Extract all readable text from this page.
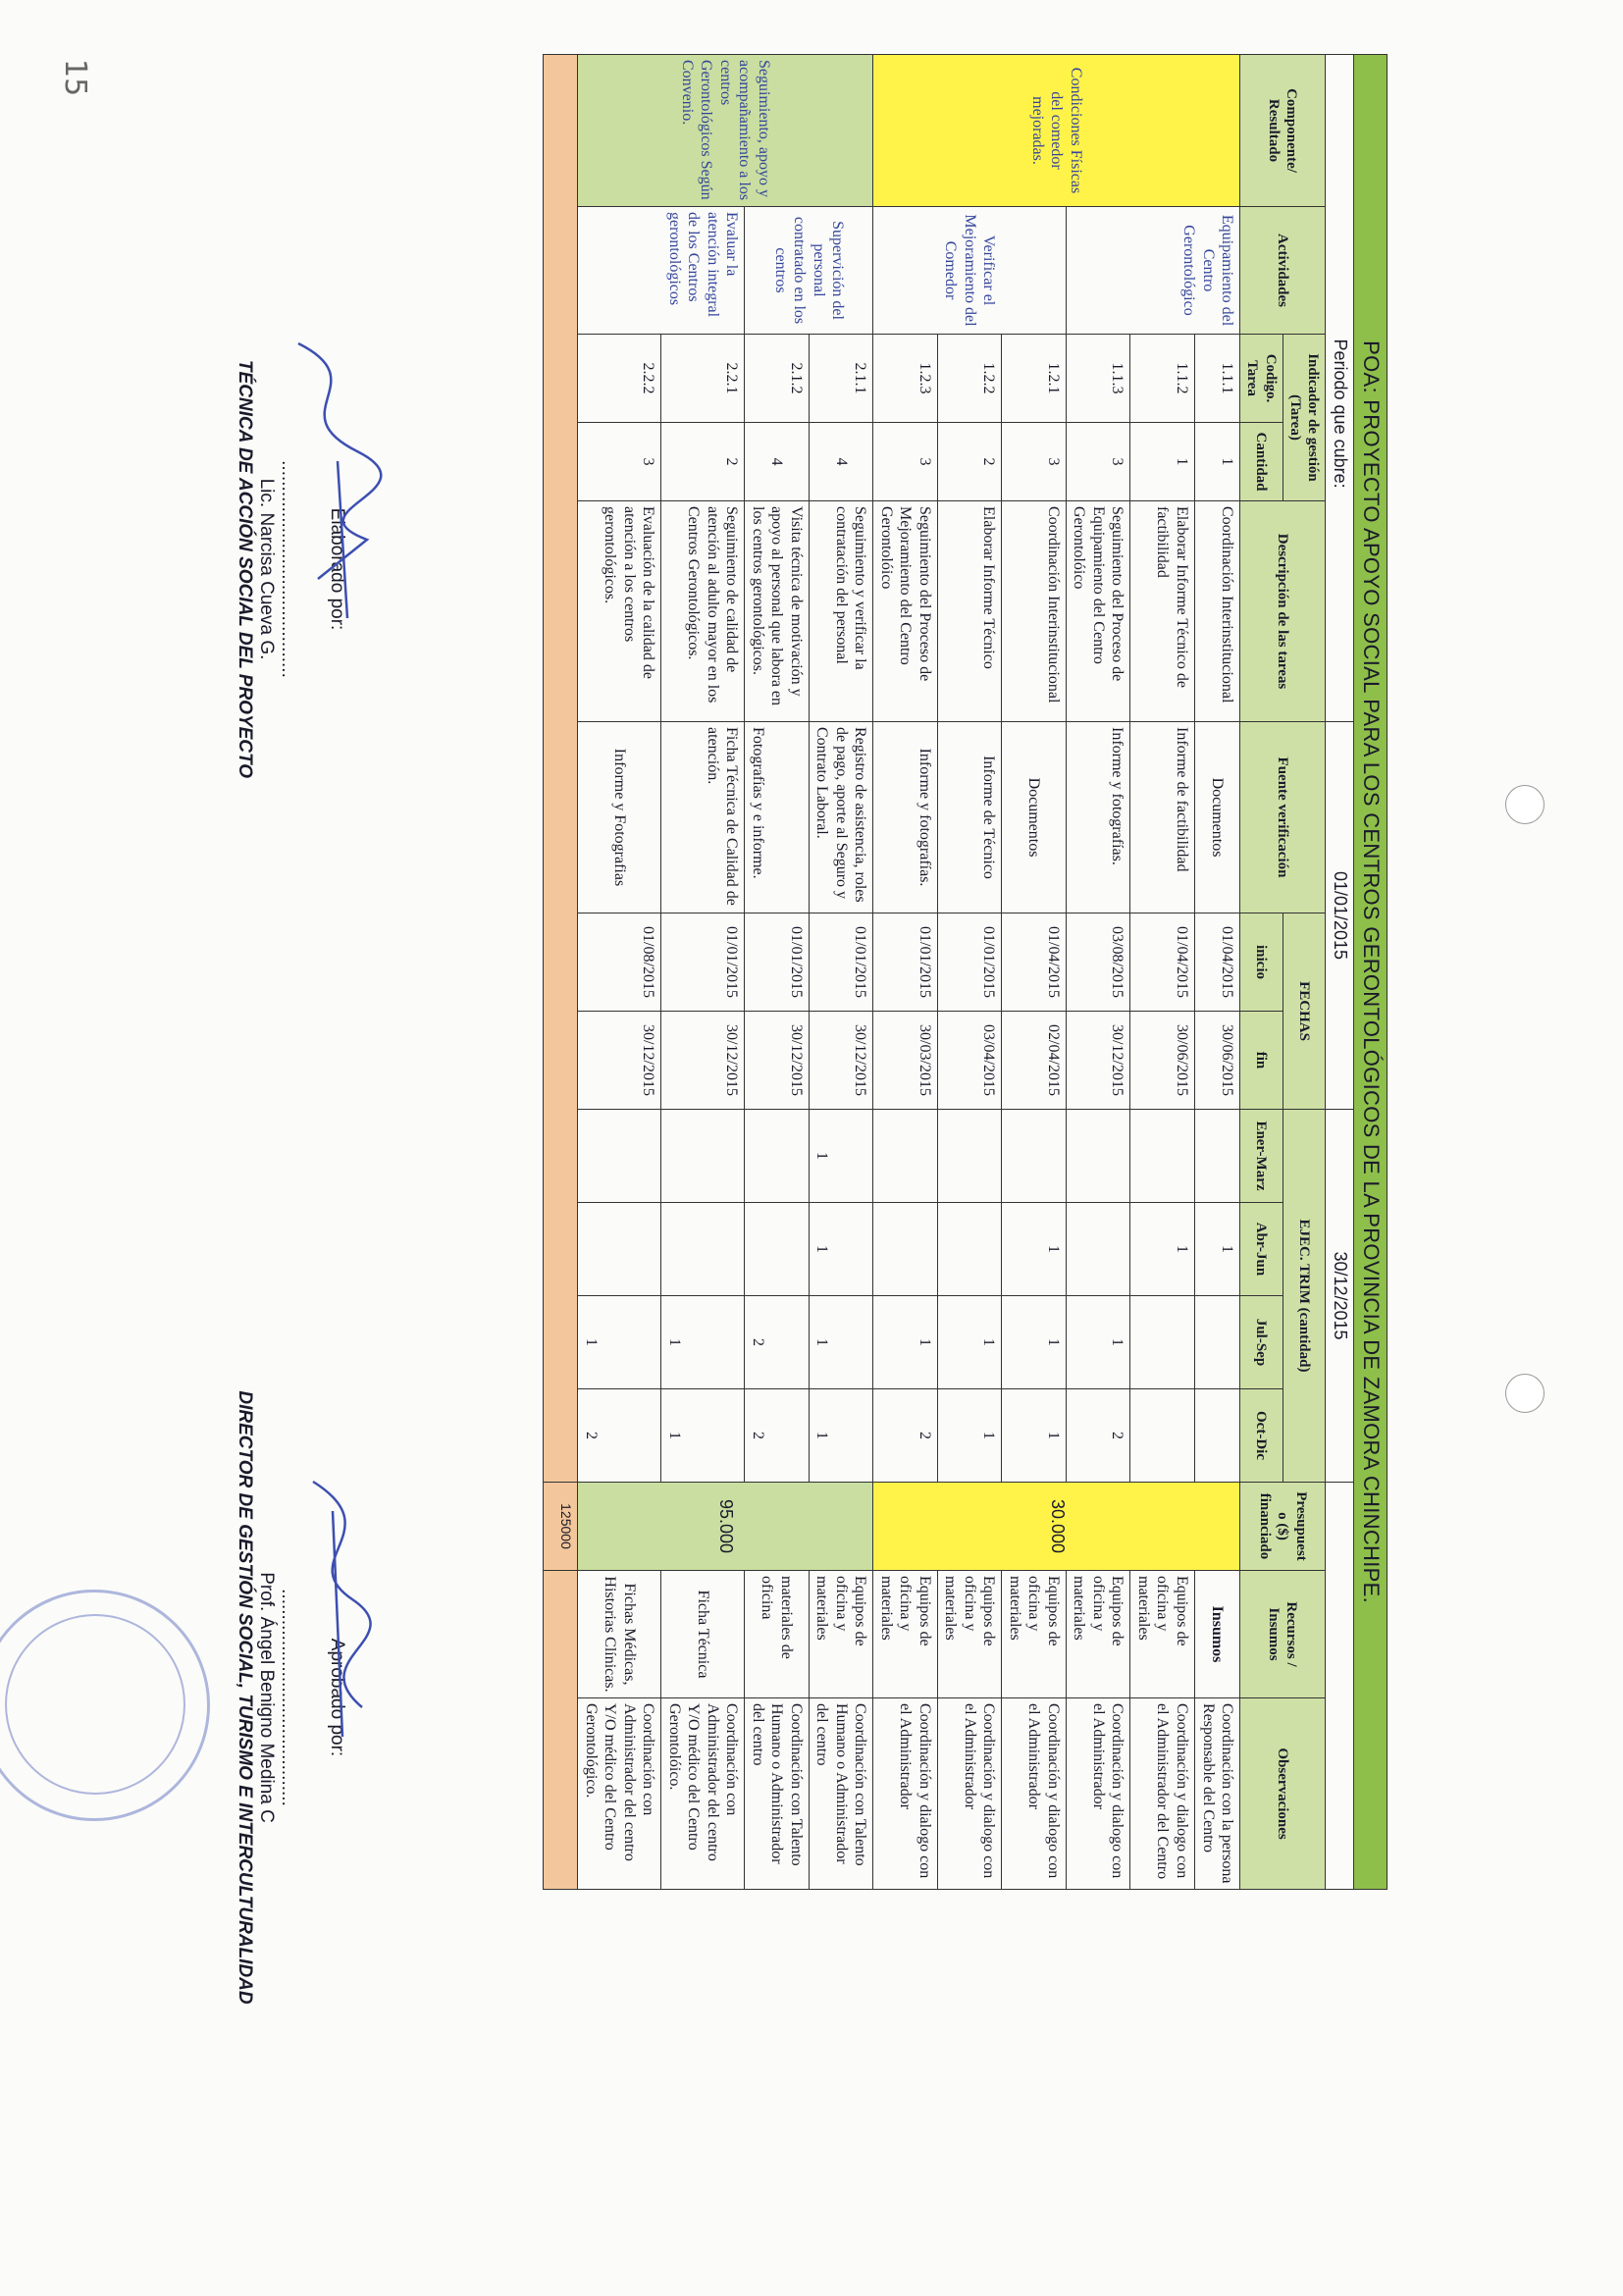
POA: PROYECTO APOYO SOCIAL PARA LOS CENTROS GERONTOLÓGICOS DE LA PROVINCIA DE ZAMORA CHINCHIPE.														
		Periodo que cubre:			01/01/2015			30/12/2015						
Componente/ Resultado	Actividades	Indicador de gestión (Tarea)		Descripción de las tareas	Fuente verificación	FECHAS		EJEC. TRIM (cantidad)				Presupuest o ($) financiado	Recursos / Insumos	Observaciones
		Codigo. Tarea	Cantidad			inicio	fin	Ener-Marz	Abr-Jun	Jul-Sep	Oct-Dic			

Condiciones Físicas del comedor mejoradas.	Equipamiento del Centro Gerontológico	1.1.1	1	Coordinación Interinstitucional	Documentos	01/04/2015	30/06/2015		1			30.000	Insumos	Coordinación con la persona Responsable del Centro
		1.1.2	1	Elaborar Informe Técnico de factibilidad	Informe de factibilidad	01/04/2015	30/06/2015		1				Equipos de oficina y materiales	Coordinación y dialogo con el Administrador del Centro
		1.1.3	3	Seguimiento del Proceso de Equipamiento del Centro Gerontolóico	Informe y fotografías.	03/08/2015	30/12/2015			1	2		Equipos de oficina y materiales	Coordinación y dialogo con el Administrador
	Verificar el Mejoramiento del Comedor	1.2.1	3	Coordinación Interinstitucional	Documentos	01/04/2015	02/04/2015		1	1	1		Equipos de oficina y materiales	Coordinación y dialogo con el Administrador
		1.2.2	2	Elaborar Informe Técnico	Informe de Técnico	01/01/2015	03/04/2015			1	1		Equipos de oficina y materiales	Coordinación y dialogo con el Administrador
		1.2.3	3	Seguimiento del Proceso de Mejoramiento del Centro Gerontolóico	Informe y fotografías.	01/01/2015	30/03/2015			1	2		Equipos de oficina y materiales	Coordinación y dialogo con el Administrador
Seguimiento, apoyo y acompañamiento a los centros Gerontológicos Según Convenio.	Supervición del personal contratado en los centros	2.1.1	4	Seguimiento y verificar la contratación del personal	Registro de asistencia, roles de pago, aporte al Seguro y Contrato Laboral.	01/01/2015	30/12/2015	1	1	1	1	95.000	Equipos de oficina y materiales	Coordinación con Talento Humano o Administrador del centro
		2.1.2	4	Visita técnica de motivación y apoyo al personal que labora en los centros gerontológicos.	Fotografías y e informe.	01/01/2015	30/12/2015			2	2		materiales de oficina	Coordinación con Talento Humano o Administrador del centro
	Evaluar la atención integral de los Centros gerontológicos	2.2.1	2	Seguimiento de calidad de atención al adulto mayor en los Centros Gerontológicos.	Ficha Técnica de Calidad de atención.	01/01/2015	30/12/2015			1	1		Ficha Técnica	Coordinación con Administrador del centro Y/O médico del Centro Gerontolóico.
		2.2.2	3	Evaluación de la calidad de atención a los centros gerontológicos.	Informe y Fotografias	01/08/2015	30/12/2015			1	2		Fichas Médicas, Historias Clínicas.	Coordinación con Administrador del centro Y/O médico del Centro Gerontológico.
												125000		
Elaborado por:
..........................................
Lic. Narcisa Cueva G.
TÉCNICA DE ACCIÓN SOCIAL DEL PROYECTO
Aprobado por:
..........................................
Prof. Ángel Benigno Medina C
DIRECTOR DE GESTIÓN SOCIAL, TURISMO E INTERCULTURALIDAD
15
